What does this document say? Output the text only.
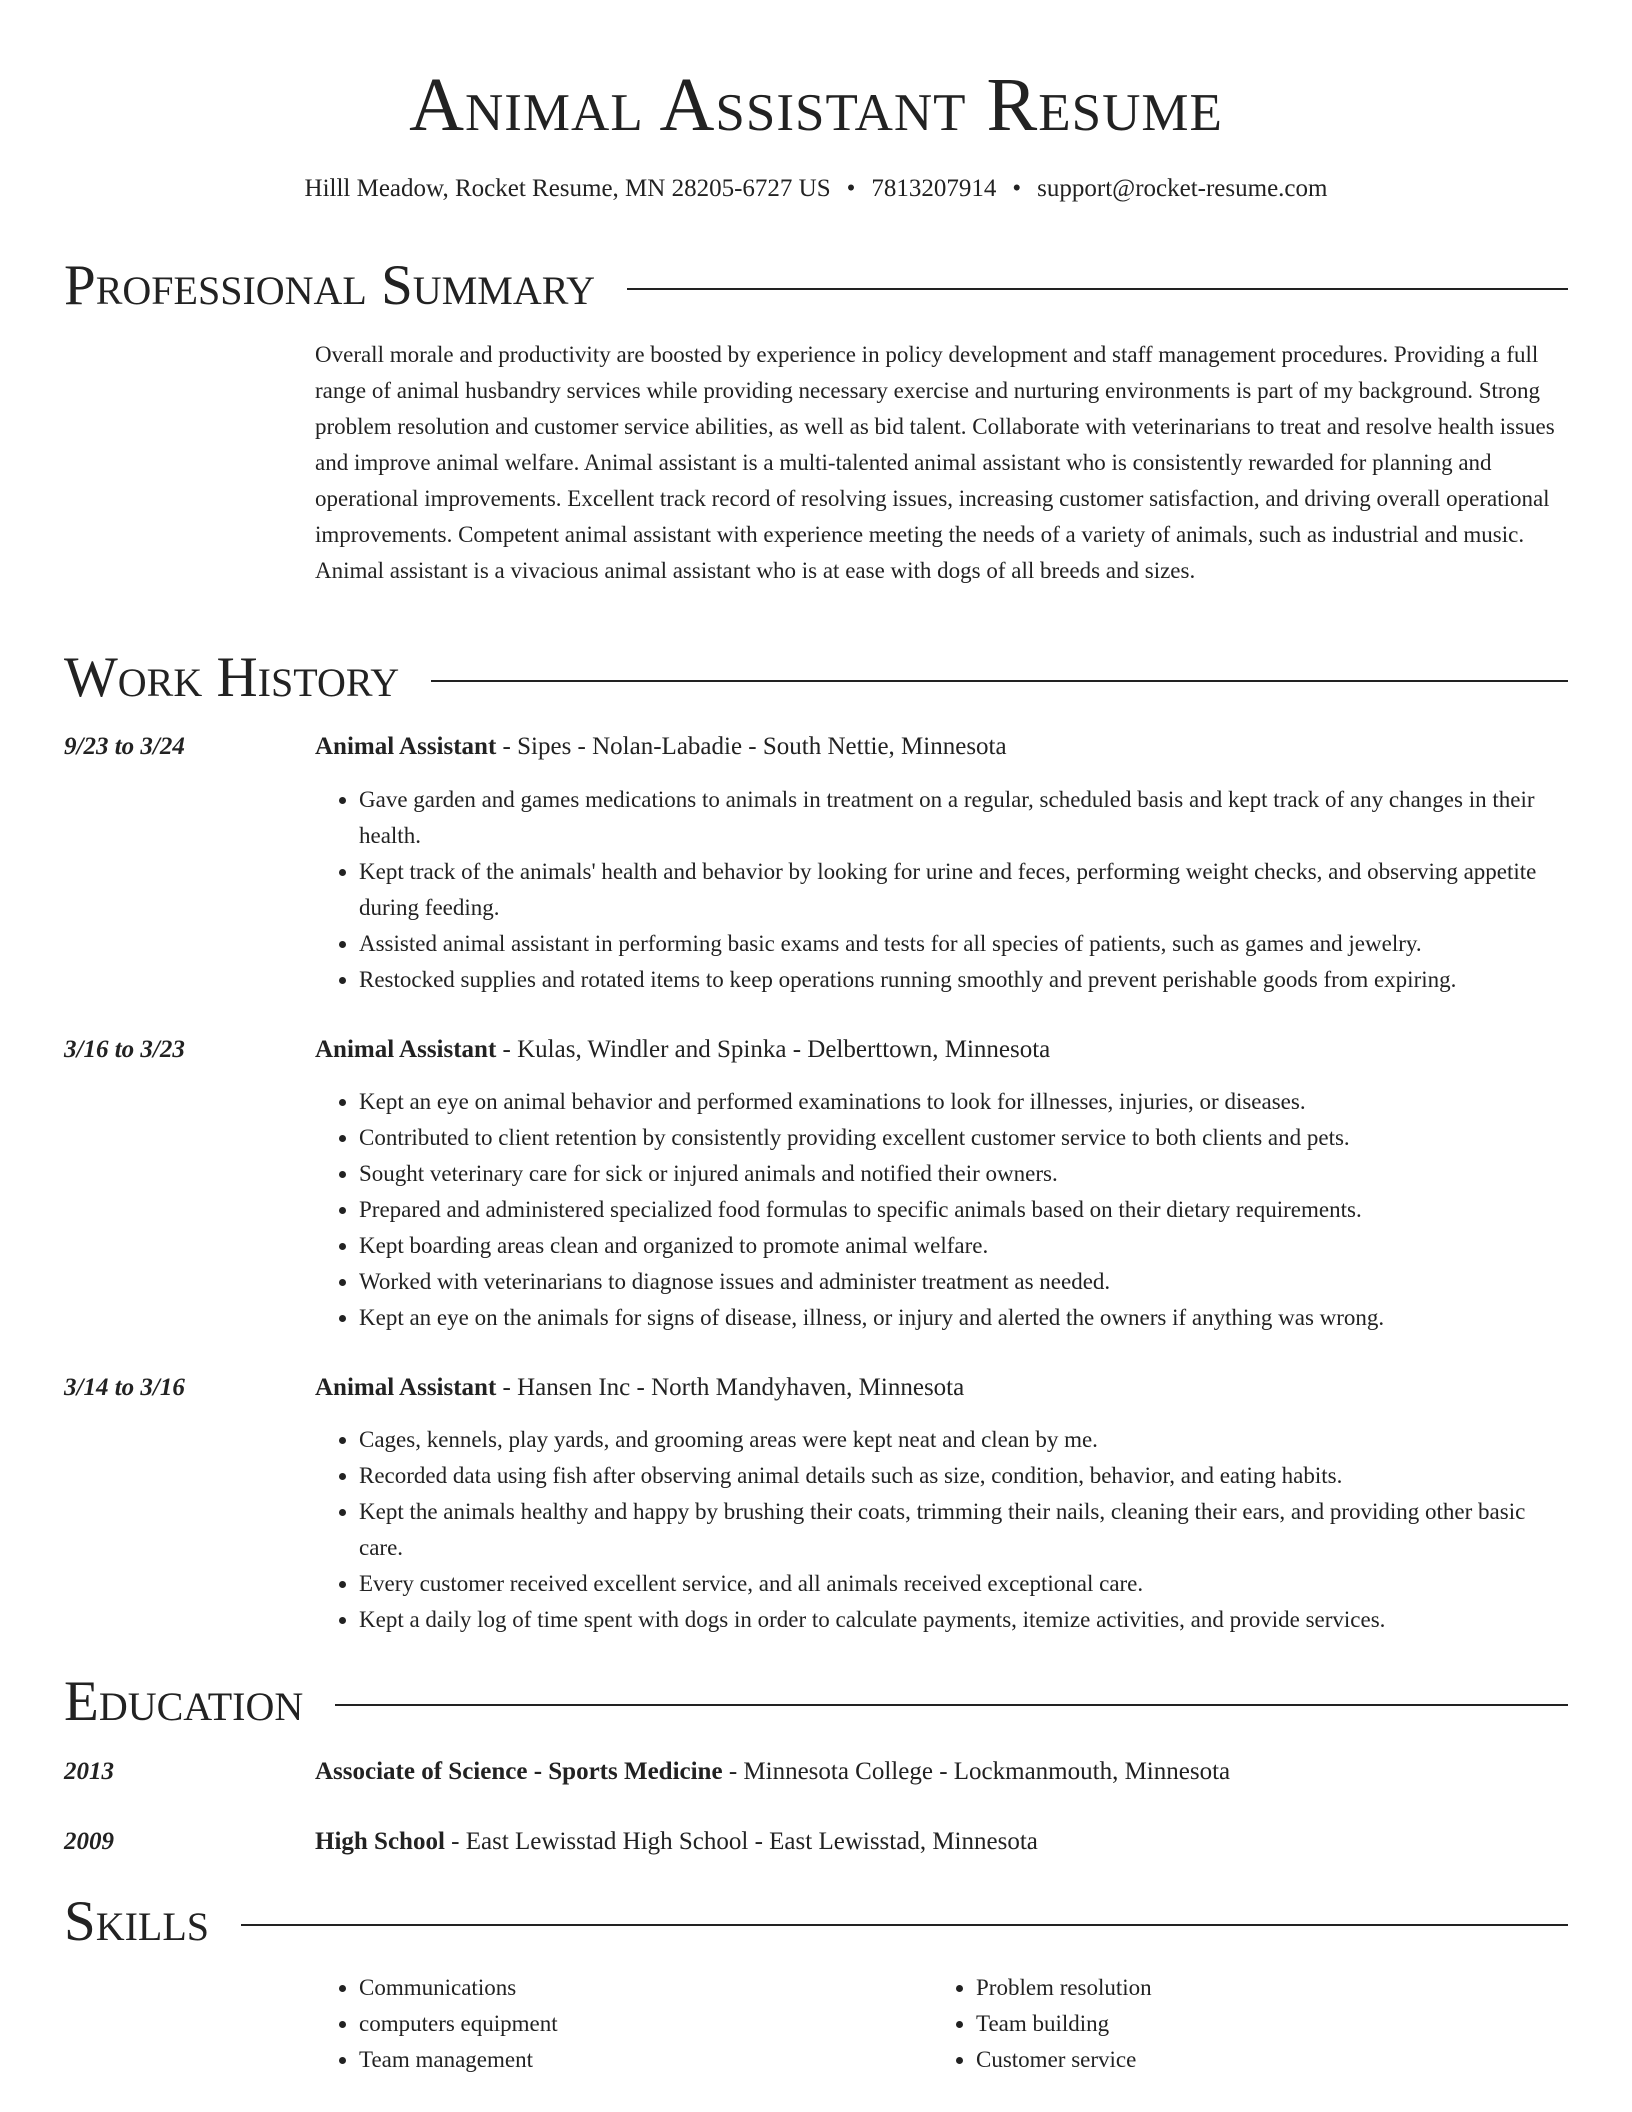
Animal Assistant Resume
Hilll Meadow, Rocket Resume, MN 28205-6727 US • 7813207914 • support@rocket-resume.com
Professional Summary
Overall morale and productivity are boosted by experience in policy development and staff management procedures. Providing a full range of animal husbandry services while providing necessary exercise and nurturing environments is part of my background. Strong problem resolution and customer service abilities, as well as bid talent. Collaborate with veterinarians to treat and resolve health issues and improve animal welfare. Animal assistant is a multi-talented animal assistant who is consistently rewarded for planning and operational improvements. Excellent track record of resolving issues, increasing customer satisfaction, and driving overall operational improvements. Competent animal assistant with experience meeting the needs of a variety of animals, such as industrial and music. Animal assistant is a vivacious animal assistant who is at ease with dogs of all breeds and sizes.
Work History
9/23 to 3/24	Animal Assistant - Sipes - Nolan-Labadie - South Nettie, Minnesota
• Gave garden and games medications to animals in treatment on a regular, scheduled basis and kept track of any changes in their health.
• Kept track of the animals' health and behavior by looking for urine and feces, performing weight checks, and observing appetite during feeding.
• Assisted animal assistant in performing basic exams and tests for all species of patients, such as games and jewelry.
• Restocked supplies and rotated items to keep operations running smoothly and prevent perishable goods from expiring.
3/16 to 3/23	Animal Assistant - Kulas, Windler and Spinka - Delberttown, Minnesota
• Kept an eye on animal behavior and performed examinations to look for illnesses, injuries, or diseases.
• Contributed to client retention by consistently providing excellent customer service to both clients and pets.
• Sought veterinary care for sick or injured animals and notified their owners.
• Prepared and administered specialized food formulas to specific animals based on their dietary requirements.
• Kept boarding areas clean and organized to promote animal welfare.
• Worked with veterinarians to diagnose issues and administer treatment as needed.
• Kept an eye on the animals for signs of disease, illness, or injury and alerted the owners if anything was wrong.
3/14 to 3/16	Animal Assistant - Hansen Inc - North Mandyhaven, Minnesota
• Cages, kennels, play yards, and grooming areas were kept neat and clean by me.
• Recorded data using fish after observing animal details such as size, condition, behavior, and eating habits.
• Kept the animals healthy and happy by brushing their coats, trimming their nails, cleaning their ears, and providing other basic care.
• Every customer received excellent service, and all animals received exceptional care.
• Kept a daily log of time spent with dogs in order to calculate payments, itemize activities, and provide services.
Education
2013	Associate of Science - Sports Medicine - Minnesota College - Lockmanmouth, Minnesota
2009	High School - East Lewisstad High School - East Lewisstad, Minnesota
Skills
• Communications
• computers equipment
• Team management
• Problem resolution
• Team building
• Customer service
